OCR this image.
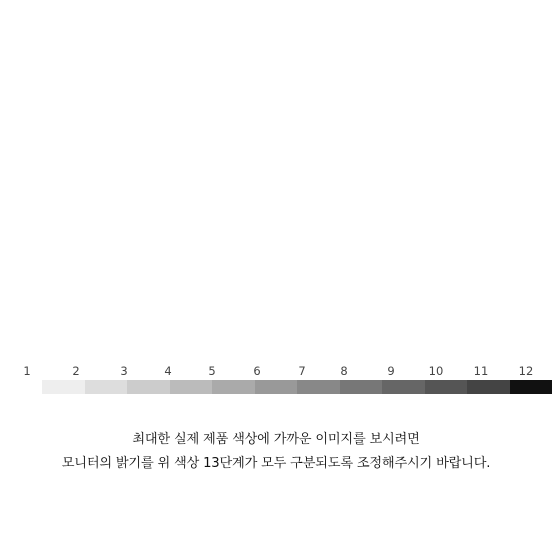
1	2	3	4	5	6	7	8	9	10	11	12
최대한 실제 제품 색상에 가까운 이미지를 보시려면
모니터의 밝기를 위 색상 13단계가 모두 구분되도록 조정해주시기 바랍니다.
